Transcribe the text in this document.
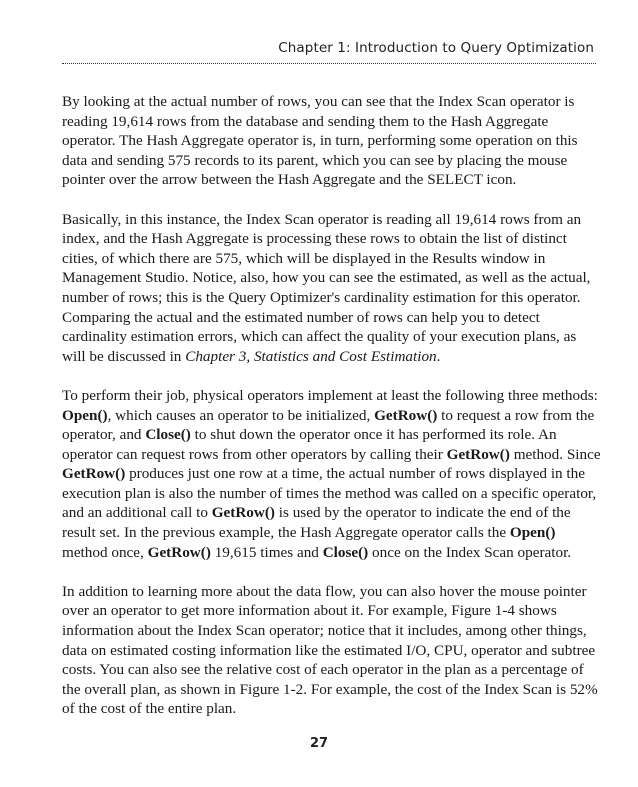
Chapter 1: Introduction to Query Optimization

By looking at the actual number of rows, you can see that the Index Scan operator is reading 19,614 rows from the database and sending them to the Hash Aggregate operator. The Hash Aggregate operator is, in turn, performing some operation on this data and sending 575 records to its parent, which you can see by placing the mouse pointer over the arrow between the Hash Aggregate and the SELECT icon.

Basically, in this instance, the Index Scan operator is reading all 19,614 rows from an index, and the Hash Aggregate is processing these rows to obtain the list of distinct cities, of which there are 575, which will be displayed in the Results window in Management Studio. Notice, also, how you can see the estimated, as well as the actual, number of rows; this is the Query Optimizer's cardinality estimation for this operator. Comparing the actual and the estimated number of rows can help you to detect cardinality estimation errors, which can affect the quality of your execution plans, as will be discussed in Chapter 3, Statistics and Cost Estimation.

To perform their job, physical operators implement at least the following three methods: Open(), which causes an operator to be initialized, GetRow() to request a row from the operator, and Close() to shut down the operator once it has performed its role. An operator can request rows from other operators by calling their GetRow() method. Since GetRow() produces just one row at a time, the actual number of rows displayed in the execution plan is also the number of times the method was called on a specific operator, and an additional call to GetRow() is used by the operator to indicate the end of the result set. In the previous example, the Hash Aggregate operator calls the Open() method once, GetRow() 19,615 times and Close() once on the Index Scan operator.

In addition to learning more about the data flow, you can also hover the mouse pointer over an operator to get more information about it. For example, Figure 1-4 shows information about the Index Scan operator; notice that it includes, among other things, data on estimated costing information like the estimated I/O, CPU, operator and subtree costs. You can also see the relative cost of each operator in the plan as a percentage of the overall plan, as shown in Figure 1-2. For example, the cost of the Index Scan is 52% of the cost of the entire plan.

27
